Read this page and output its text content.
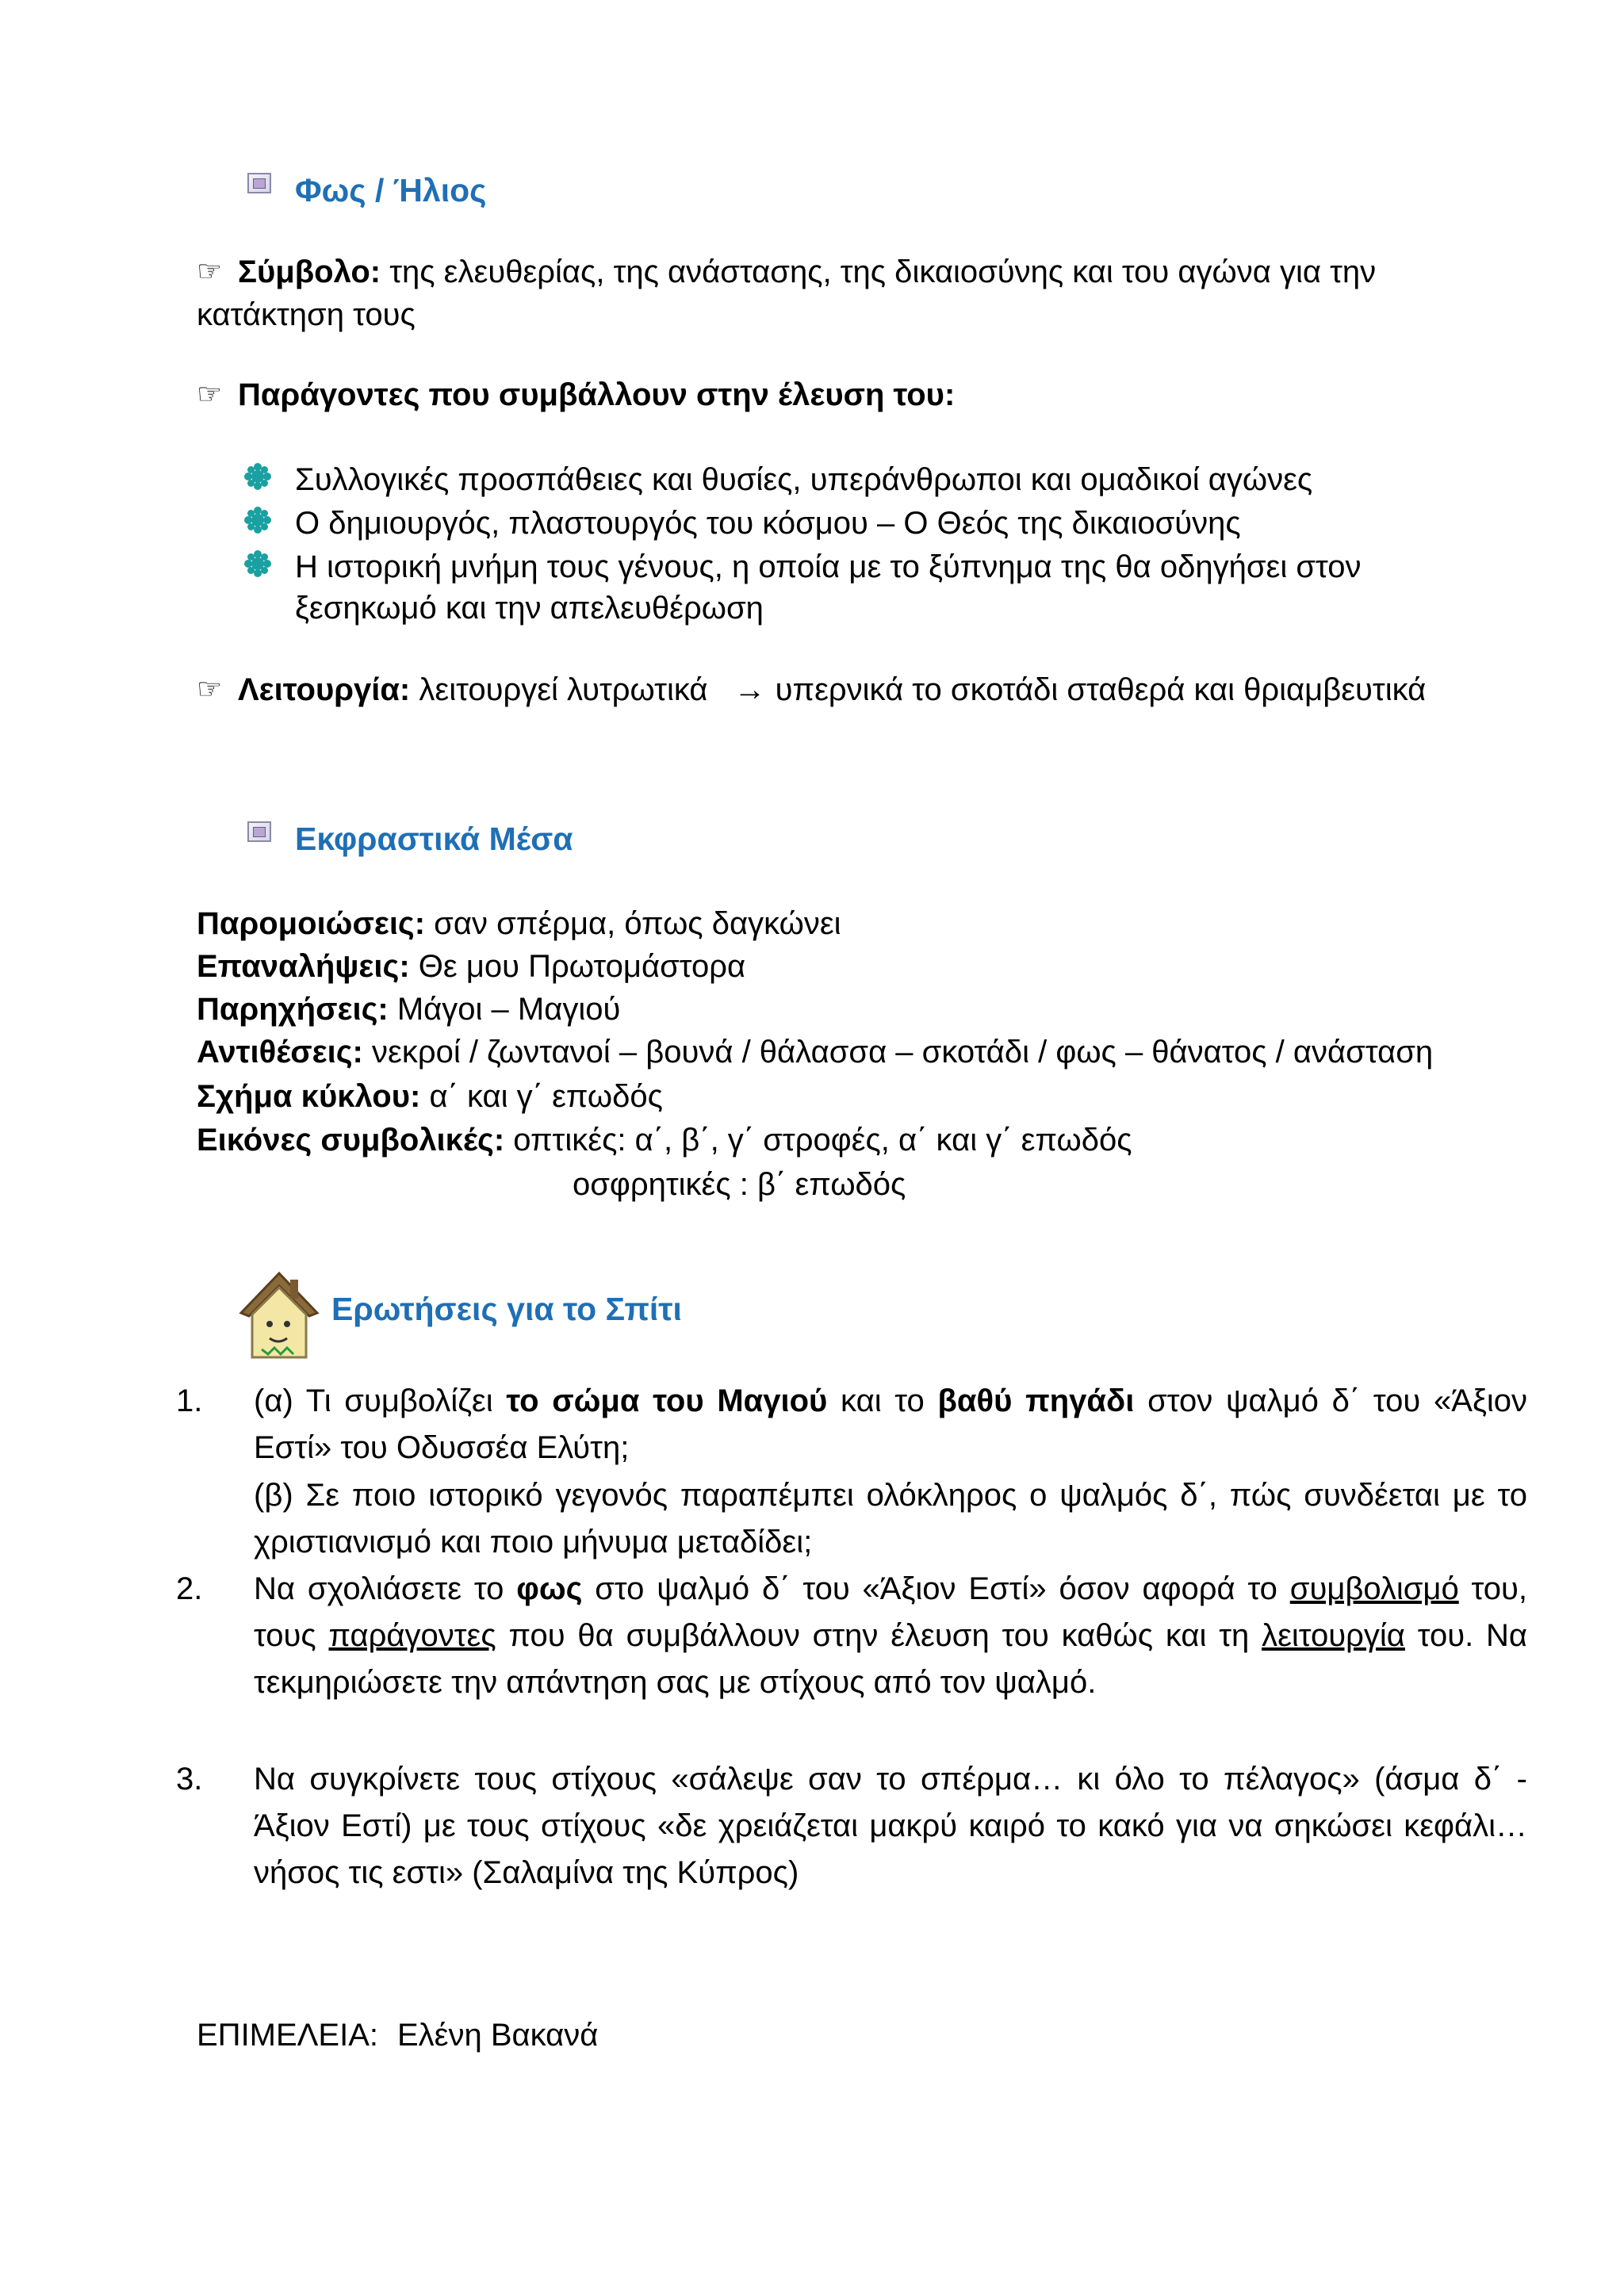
Φως / Ήλιος
☞ Σύμβολο: της ελευθερίας, της ανάστασης, της δικαιοσύνης και του αγώνα για την
κατάκτηση τους
☞ Παράγοντες που συμβάλλουν στην έλευση του:
Συλλογικές προσπάθειες και θυσίες, υπεράνθρωποι και ομαδικοί αγώνες
Ο δημιουργός, πλαστουργός του κόσμου – Ο Θεός της δικαιοσύνης
Η ιστορική μνήμη τους γένους, η οποία με το ξύπνημα της θα οδηγήσει στον
ξεσηκωμό και την απελευθέρωση
☞ Λειτουργία: λειτουργεί λυτρωτικά → υπερνικά το σκοτάδι σταθερά και θριαμβευτικά
Εκφραστικά Μέσα
Παρομοιώσεις: σαν σπέρμα, όπως δαγκώνει
Επαναλήψεις: Θε μου Πρωτομάστορα
Παρηχήσεις: Μάγοι – Μαγιού
Αντιθέσεις: νεκροί / ζωντανοί – βουνά / θάλασσα – σκοτάδι / φως – θάνατος / ανάσταση
Σχήμα κύκλου: α΄ και γ΄ επωδός
Εικόνες συμβολικές: οπτικές: α΄, β΄, γ΄ στροφές, α΄ και γ΄ επωδός
οσφρητικές : β΄ επωδός
Ερωτήσεις για το Σπίτι
1. (α) Τι συμβολίζει το σώμα του Μαγιού και το βαθύ πηγάδι στον ψαλμό δ΄ του «Άξιον Εστί» του Οδυσσέα Ελύτη;
(β) Σε ποιο ιστορικό γεγονός παραπέμπει ολόκληρος ο ψαλμός δ΄, πώς συνδέεται με το χριστιανισμό και ποιο μήνυμα μεταδίδει;
2. Να σχολιάσετε το φως στο ψαλμό δ΄ του «Άξιον Εστί» όσον αφορά το συμβολισμό του, τους παράγοντες που θα συμβάλλουν στην έλευση του καθώς και τη λειτουργία του. Να τεκμηριώσετε την απάντηση σας με στίχους από τον ψαλμό.
3. Να συγκρίνετε τους στίχους «σάλεψε σαν το σπέρμα… κι όλο το πέλαγος» (άσμα δ΄ - Άξιον Εστί) με τους στίχους «δε χρειάζεται μακρύ καιρό το κακό για να σηκώσει κεφάλι… νήσος τις εστι» (Σαλαμίνα της Κύπρος)
ΕΠΙΜΕΛΕΙΑ: Ελένη Βακανά
